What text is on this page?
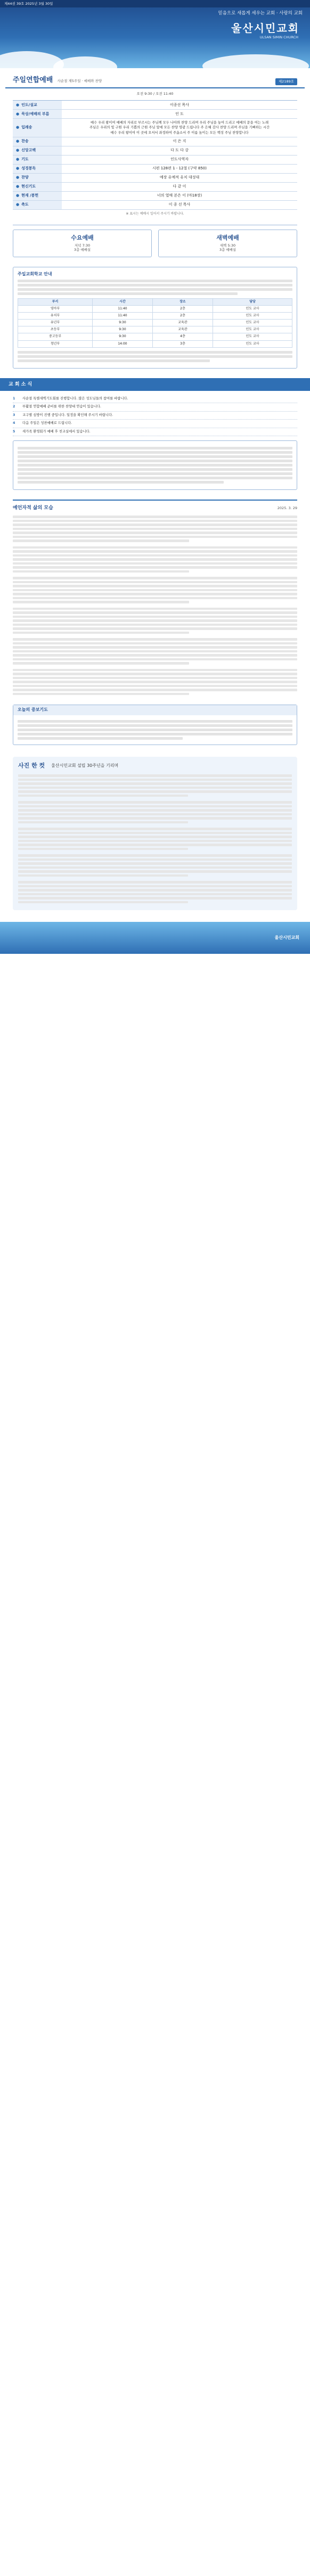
제44권 39호 2025년 3월 30일
믿음으로 새롭게 세우는 교회 · 사랑의 교회
울산시민교회
ULSAN SIMIN CHURCH
주일연합예배 사순절 제5주일 · 예배와 찬양	제2189호
오전 9:30 / 오전 11:40
● 인도/설교	이종선 목사
● 묵상/예배의 부름	인 도
● 입례송
예수 우리 왕이여 예배의 자리로 부르시는 주님께 모두 나아와 찬양 드리며 우리 주님을 높여 드리고 예배의 문을 여는 노래
주님은 우리의 빛 구원 우리 기쁨의 근원 주님 앞에 모든 찬양 영광 드립니다 주 은혜 감사 찬양 드리며 주님을 기뻐하는 시간
예수 우리 왕이여 이 곳에 오셔서 좌정하여 주옵소서 주 이름 높이는 모든 백성 주님 찬양합니다
● 찬송	이 은 지
● 신앙고백	다 도 다 강
● 기도	인도사역자
● 성경봉독	시편 128편 1 - 12절 (구약 850)
● 찬양	예장 유예적 유치 대성대
● 현신기도	다 같 이
● 현재 /봉헌	너의 열매 본은 이 (마18장)
● 축도	이 종 선 목사
※ 표시는 예배시 일어서 주시기 바랍니다.
수요예배
저녁 7:30
3층 예배실
새벽예배
새벽 5:30
3층 예배실
주일교회학교 안내
부서	시간	장소	담당
영아부	11:40	2층	인도 교사
유치부	11:40	2층	인도 교사
유년부	9:30	교육관	인도 교사
초등부	9:30	교육관	인도 교사
중고등부	9:30	4층	인도 교사
청년부	14:00	3층	인도 교사
교 회 소 식
1	사순절 특별새벽기도회를 진행합니다. 많은 성도님들의 참여를 바랍니다.
2	부활절 연합예배 준비를 위한 찬양대 연습이 있습니다.
3	교구별 심방이 진행 중입니다. 일정을 확인해 주시기 바랍니다.
4	다음 주일은 성찬예배로 드립니다.
5	새가족 환영회가 예배 후 친교실에서 있습니다.
예언자적 삶의 모습	2025. 3. 29
오늘의 중보기도
사진 한 컷 울산시민교회 설립 30주년을 기리며
울산시민교회
